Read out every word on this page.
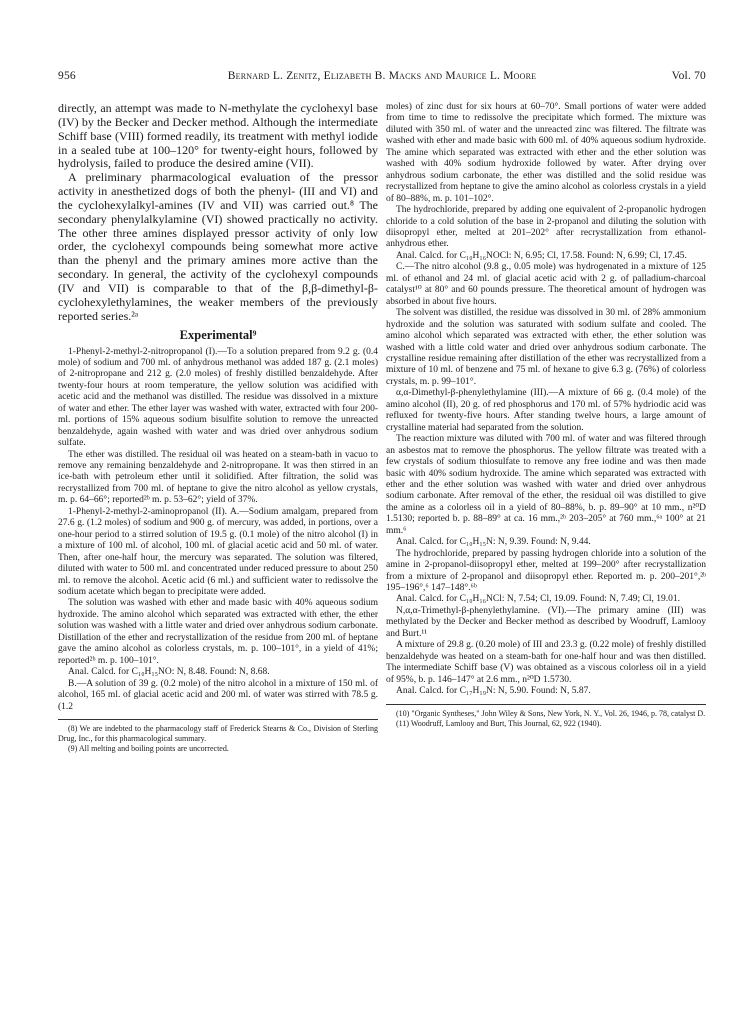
956	Bernard L. Zenitz, Elizabeth B. Macks and Maurice L. Moore	Vol. 70

directly, an attempt was made to N-methylate the cyclohexyl base (IV) by the Becker and Decker method. Although the intermediate Schiff base (VIII) formed readily, its treatment with methyl iodide in a sealed tube at 100–120° for twenty-eight hours, followed by hydrolysis, failed to produce the desired amine (VII).

A preliminary pharmacological evaluation of the pressor activity in anesthetized dogs of both the phenyl- (III and VI) and the cyclohexylalkyl-amines (IV and VII) was carried out.⁸ The secondary phenylalkylamine (VI) showed practically no activity. The other three amines displayed pressor activity of only low order, the cyclohexyl compounds being somewhat more active than the phenyl and the primary amines more active than the secondary. In general, the activity of the cyclohexyl compounds (IV and VII) is comparable to that of the β,β-dimethyl-β-cyclohexylethylamines, the weaker members of the previously reported series.²ᵃ

Experimental⁹

1-Phenyl-2-methyl-2-nitropropanol (I).—To a solution prepared from 9.2 g. (0.4 mole) of sodium and 700 ml. of anhydrous methanol was added 187 g. (2.1 moles) of 2-nitropropane and 212 g. (2.0 moles) of freshly distilled benzaldehyde. After twenty-four hours at room temperature, the yellow solution was acidified with acetic acid and the methanol was distilled. The residue was dissolved in a mixture of water and ether. The ether layer was washed with water, extracted with four 200-ml. portions of 15% aqueous sodium bisulfite solution to remove the unreacted benzaldehyde, again washed with water and was dried over anhydrous sodium sulfate.

The ether was distilled. The residual oil was heated on a steam-bath in vacuo to remove any remaining benzaldehyde and 2-nitropropane. It was then stirred in an ice-bath with petroleum ether until it solidified. After filtration, the solid was recrystallized from 700 ml. of heptane to give the nitro alcohol as yellow crystals, m. p. 64–66°; reported²ᵇ m. p. 53–62°; yield of 37%.

1-Phenyl-2-methyl-2-aminopropanol (II). A.—Sodium amalgam, prepared from 27.6 g. (1.2 moles) of sodium and 900 g. of mercury, was added, in portions, over a one-hour period to a stirred solution of 19.5 g. (0.1 mole) of the nitro alcohol (I) in a mixture of 100 ml. of alcohol, 100 ml. of glacial acetic acid and 50 ml. of water. Then, after one-half hour, the mercury was separated. The solution was filtered, diluted with water to 500 ml. and concentrated under reduced pressure to about 250 ml. to remove the alcohol. Acetic acid (6 ml.) and sufficient water to redissolve the sodium acetate which began to precipitate were added.

The solution was washed with ether and made basic with 40% aqueous sodium hydroxide. The amino alcohol which separated was extracted with ether, the ether solution was washed with a little water and dried over anhydrous sodium carbonate. Distillation of the ether and recrystallization of the residue from 200 ml. of heptane gave the amino alcohol as colorless crystals, m. p. 100–101°, in a yield of 41%; reported²ᵇ m. p. 100–101°.

Anal. Calcd. for C₁₀H₁₅NO: N, 8.48. Found: N, 8.68.

B.—A solution of 39 g. (0.2 mole) of the nitro alcohol in a mixture of 150 ml. of alcohol, 165 ml. of glacial acetic acid and 200 ml. of water was stirred with 78.5 g. (1.2

(8) We are indebted to the pharmacology staff of Frederick Stearns & Co., Division of Sterling Drug, Inc., for this pharmacological summary.

(9) All melting and boiling points are uncorrected.

moles) of zinc dust for six hours at 60–70°. Small portions of water were added from time to time to redissolve the precipitate which formed. The mixture was diluted with 350 ml. of water and the unreacted zinc was filtered. The filtrate was washed with ether and made basic with 600 ml. of 40% aqueous sodium hydroxide. The amine which separated was extracted with ether and the ether solution was washed with 40% sodium hydroxide followed by water. After drying over anhydrous sodium carbonate, the ether was distilled and the solid residue was recrystallized from heptane to give the amino alcohol as colorless crystals in a yield of 80–88%, m. p. 101–102°.

The hydrochloride, prepared by adding one equivalent of 2-propanolic hydrogen chloride to a cold solution of the base in 2-propanol and diluting the solution with diisopropyl ether, melted at 201–202° after recrystallization from ethanol-anhydrous ether.

Anal. Calcd. for C₁₀H₁₆NOCl: N, 6.95; Cl, 17.58. Found: N, 6.99; Cl, 17.45.

C.—The nitro alcohol (9.8 g., 0.05 mole) was hydrogenated in a mixture of 125 ml. of ethanol and 24 ml. of glacial acetic acid with 2 g. of palladium-charcoal catalyst¹⁰ at 80° and 60 pounds pressure. The theoretical amount of hydrogen was absorbed in about five hours.

The solvent was distilled, the residue was dissolved in 30 ml. of 28% ammonium hydroxide and the solution was saturated with sodium sulfate and cooled. The amino alcohol which separated was extracted with ether, the ether solution was washed with a little cold water and dried over anhydrous sodium carbonate. The crystalline residue remaining after distillation of the ether was recrystallized from a mixture of 10 ml. of benzene and 75 ml. of hexane to give 6.3 g. (76%) of colorless crystals, m. p. 99–101°.

α,α-Dimethyl-β-phenylethylamine (III).—A mixture of 66 g. (0.4 mole) of the amino alcohol (II), 20 g. of red phosphorus and 170 ml. of 57% hydriodic acid was refluxed for twenty-five hours. After standing twelve hours, a large amount of crystalline material had separated from the solution.

The reaction mixture was diluted with 700 ml. of water and was filtered through an asbestos mat to remove the phosphorus. The yellow filtrate was treated with a few crystals of sodium thiosulfate to remove any free iodine and was then made basic with 40% sodium hydroxide. The amine which separated was extracted with ether and the ether solution was washed with water and dried over anhydrous sodium carbonate. After removal of the ether, the residual oil was distilled to give the amine as a colorless oil in a yield of 80–88%, b. p. 89–90° at 10 mm., n²⁰D 1.5130; reported b. p. 88–89° at ca. 16 mm.,²ᵇ 203–205° at 760 mm.,⁶ᵃ 100° at 21 mm.⁶

Anal. Calcd. for C₁₀H₁₅N: N, 9.39. Found: N, 9.44.

The hydrochloride, prepared by passing hydrogen chloride into a solution of the amine in 2-propanol-diisopropyl ether, melted at 199–200° after recrystallization from a mixture of 2-propanol and diisopropyl ether. Reported m. p. 200–201°,²ᵇ 195–196°,⁶ 147–148°.⁶ᵇ

Anal. Calcd. for C₁₀H₁₆NCl: N, 7.54; Cl, 19.09. Found: N, 7.49; Cl, 19.01.

N,α,α-Trimethyl-β-phenylethylamine. (VI).—The primary amine (III) was methylated by the Decker and Becker method as described by Woodruff, Lamlooy and Burt.¹¹

A mixture of 29.8 g. (0.20 mole) of III and 23.3 g. (0.22 mole) of freshly distilled benzaldehyde was heated on a steam-bath for one-half hour and was then distilled. The intermediate Schiff base (V) was obtained as a viscous colorless oil in a yield of 95%, b. p. 146–147° at 2.6 mm., n²⁰D 1.5730.

Anal. Calcd. for C₁₇H₁₉N: N, 5.90. Found: N, 5.87.

(10) "Organic Syntheses," John Wiley & Sons, New York, N. Y., Vol. 26, 1946, p. 78, catalyst D.

(11) Woodruff, Lamlooy and Burt, This Journal, 62, 922 (1940).
